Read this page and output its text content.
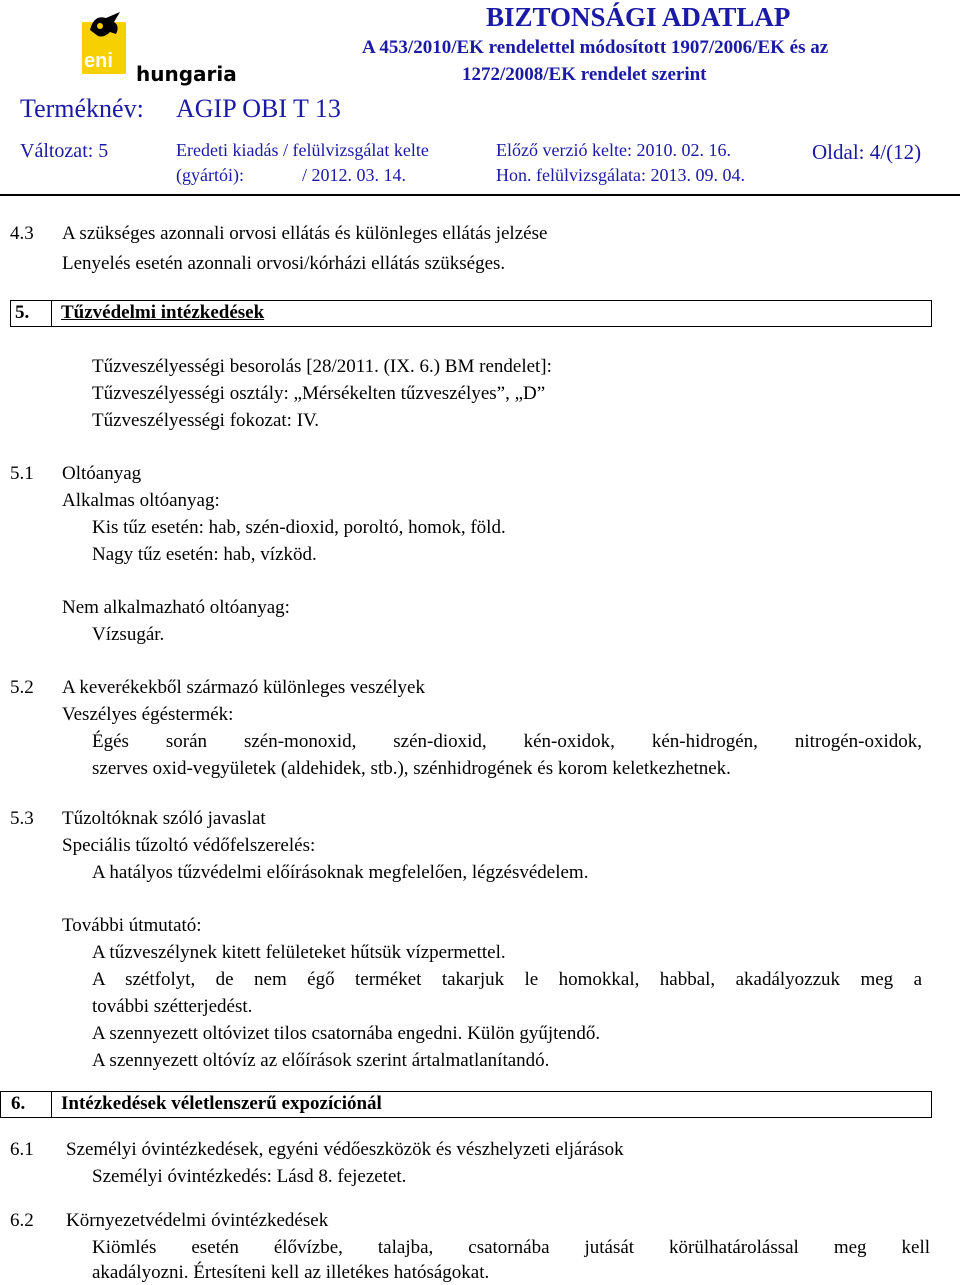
eni
hungaria
BIZTONSÁGI ADATLAP
A 453/2010/EK rendelettel módosított 1907/2006/EK és az
1272/2008/EK rendelet szerint
Terméknév: AGIP OBI T 13
Változat: 5	Eredeti kiadás / felülvizsgálat kelte
(gyártói):	/ 2012. 03. 14.
Előző verzió kelte: 2010. 02. 16.
Hon. felülvizsgálata: 2013. 09. 04.
Oldal: 4/(12)
4.3 A szükséges azonnali orvosi ellátás és különleges ellátás jelzése
Lenyelés esetén azonnali orvosi/kórházi ellátás szükséges.
5. Tűzvédelmi intézkedések
Tűzveszélyességi besorolás [28/2011. (IX. 6.) BM rendelet]:
Tűzveszélyességi osztály: „Mérsékelten tűzveszélyes”, „D”
Tűzveszélyességi fokozat: IV.
5.1 Oltóanyag
Alkalmas oltóanyag:
Kis tűz esetén: hab, szén-dioxid, poroltó, homok, föld.
Nagy tűz esetén: hab, vízköd.
Nem alkalmazható oltóanyag:
Vízsugár.
5.2 A keverékekből származó különleges veszélyek
Veszélyes égéstermék:
Égés során szén-monoxid, szén-dioxid, kén-oxidok, kén-hidrogén, nitrogén-oxidok,
szerves oxid-vegyületek (aldehidek, stb.), szénhidrogének és korom keletkezhetnek.
5.3 Tűzoltóknak szóló javaslat
Speciális tűzoltó védőfelszerelés:
A hatályos tűzvédelmi előírásoknak megfelelően, légzésvédelem.
További útmutató:
A tűzveszélynek kitett felületeket hűtsük vízpermettel.
A szétfolyt, de nem égő terméket takarjuk le homokkal, habbal, akadályozzuk meg a
további szétterjedést.
A szennyezett oltóvizet tilos csatornába engedni. Külön gyűjtendő.
A szennyezett oltóvíz az előírások szerint ártalmatlanítandó.
6. Intézkedések véletlenszerű expozíciónál
6.1 Személyi óvintézkedések, egyéni védőeszközök és vészhelyzeti eljárások
Személyi óvintézkedés: Lásd 8. fejezetet.
6.2 Környezetvédelmi óvintézkedések
Kiömlés esetén élővízbe, talajba, csatornába jutását körülhatárolással meg kell
akadályozni. Értesíteni kell az illetékes hatóságokat.
